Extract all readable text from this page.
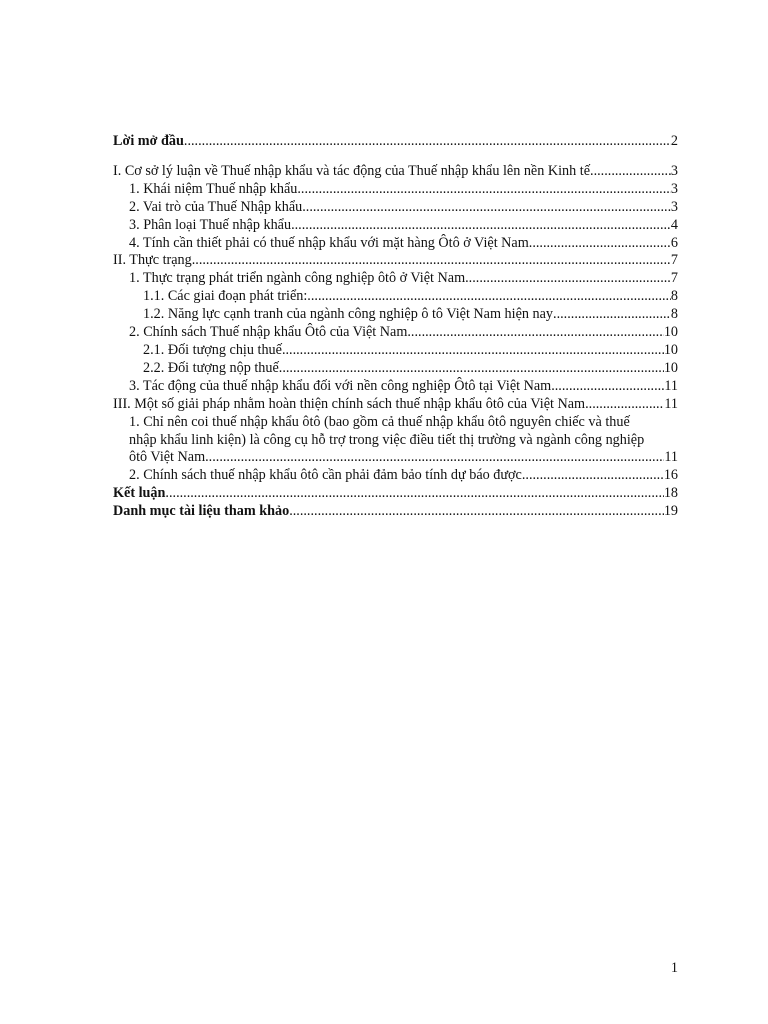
Lời mở đầu .....	2
I. Cơ sở lý luận về Thuế nhập khẩu và tác động của Thuế nhập khẩu lên nền Kinh tế .....	3
1. Khái niệm Thuế nhập khẩu .....	3
2. Vai trò của Thuế Nhập khẩu .....	3
3. Phân loại Thuế nhập khẩu .....	4
4. Tính cần thiết phải có thuế nhập khẩu với mặt hàng Ôtô ở Việt Nam .....	6
II. Thực trạng .....	7
1. Thực trạng phát triển ngành công nghiệp ôtô ở Việt Nam .....	7
1.1. Các giai đoạn phát triển: .....	8
1.2. Năng lực cạnh tranh của ngành công nghiệp ô tô Việt Nam hiện nay .....	8
2. Chính sách Thuế nhập khẩu Ôtô của Việt Nam .....	10
2.1. Đối tượng chịu thuế .....	10
2.2. Đối tượng nộp thuế .....	10
3. Tác động của thuế nhập khẩu đối với nền công nghiệp Ôtô tại Việt Nam .....	11
III. Một số giải pháp nhằm hoàn thiện chính sách thuế nhập khẩu ôtô của Việt Nam .....	11
1. Chỉ nên coi thuế nhập khẩu ôtô (bao gồm cả thuế nhập khẩu ôtô nguyên chiếc và thuế
nhập khẩu linh kiện) là công cụ hỗ trợ trong việc điều tiết thị trường và ngành công nghiệp
ôtô Việt Nam .....	11
2. Chính sách thuế nhập khẩu ôtô cần phải đảm bảo tính dự báo được .....	16
Kết luận .....	18
Danh mục tài liệu tham khảo .....	19
1
